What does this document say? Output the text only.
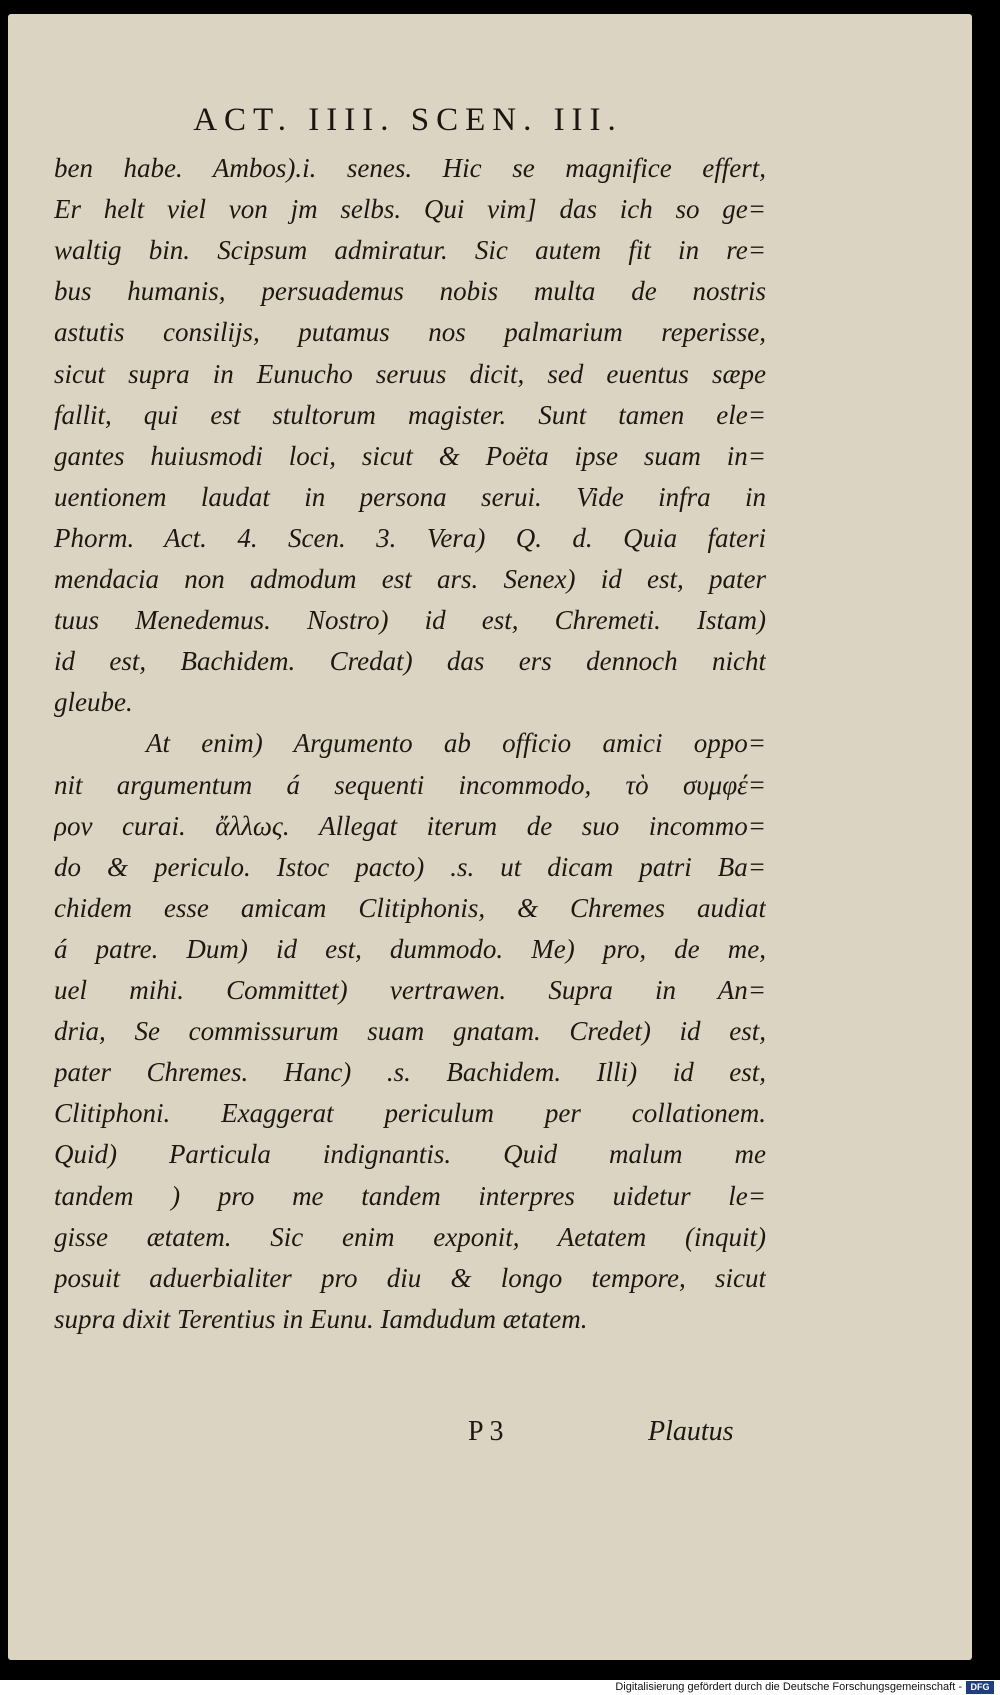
ACT. IIII. SCEN. III.
ben habe. Ambos).i. senes. Hic se magnifice effert,
Er helt viel von jm selbs. Qui vim] das ich so ge=
waltig bin. Scipsum admiratur. Sic autem fit in re=
bus humanis, persuademus nobis multa de nostris
astutis consilijs, putamus nos palmarium reperisse,
sicut supra in Eunucho seruus dicit, sed euentus sæpe
fallit, qui est stultorum magister. Sunt tamen ele=
gantes huiusmodi loci, sicut & Poëta ipse suam in=
uentionem laudat in persona serui. Vide infra in
Phorm. Act. 4. Scen. 3. Vera) Q. d. Quia fateri
mendacia non admodum est ars. Senex) id est, pater
tuus Menedemus. Nostro) id est, Chremeti. Istam)
id est, Bachidem. Credat) das ers dennoch nicht
gleube.
At enim) Argumento ab officio amici oppo=
nit argumentum á sequenti incommodo, τὸ συμφέ=
ρον curai. ἄλλως. Allegat iterum de suo incommo=
do & periculo. Istoc pacto) .s. ut dicam patri Ba=
chidem esse amicam Clitiphonis, & Chremes audiat
á patre. Dum) id est, dummodo. Me) pro, de me,
uel mihi. Committet) vertrawen. Supra in An=
dria, Se commissurum suam gnatam. Credet) id est,
pater Chremes. Hanc) .s. Bachidem. Illi) id est,
Clitiphoni. Exaggerat periculum per collationem.
Quid) Particula indignantis. Quid malum me
tandem ) pro me tandem interpres uidetur le=
gisse ætatem. Sic enim exponit, Aetatem (inquit)
posuit aduerbialiter pro diu & longo tempore, sicut
supra dixit Terentius in Eunu. Iamdudum ætatem.
P 3	Plautus
Digitalisierung gefördert durch die Deutsche Forschungsgemeinschaft - DFG
